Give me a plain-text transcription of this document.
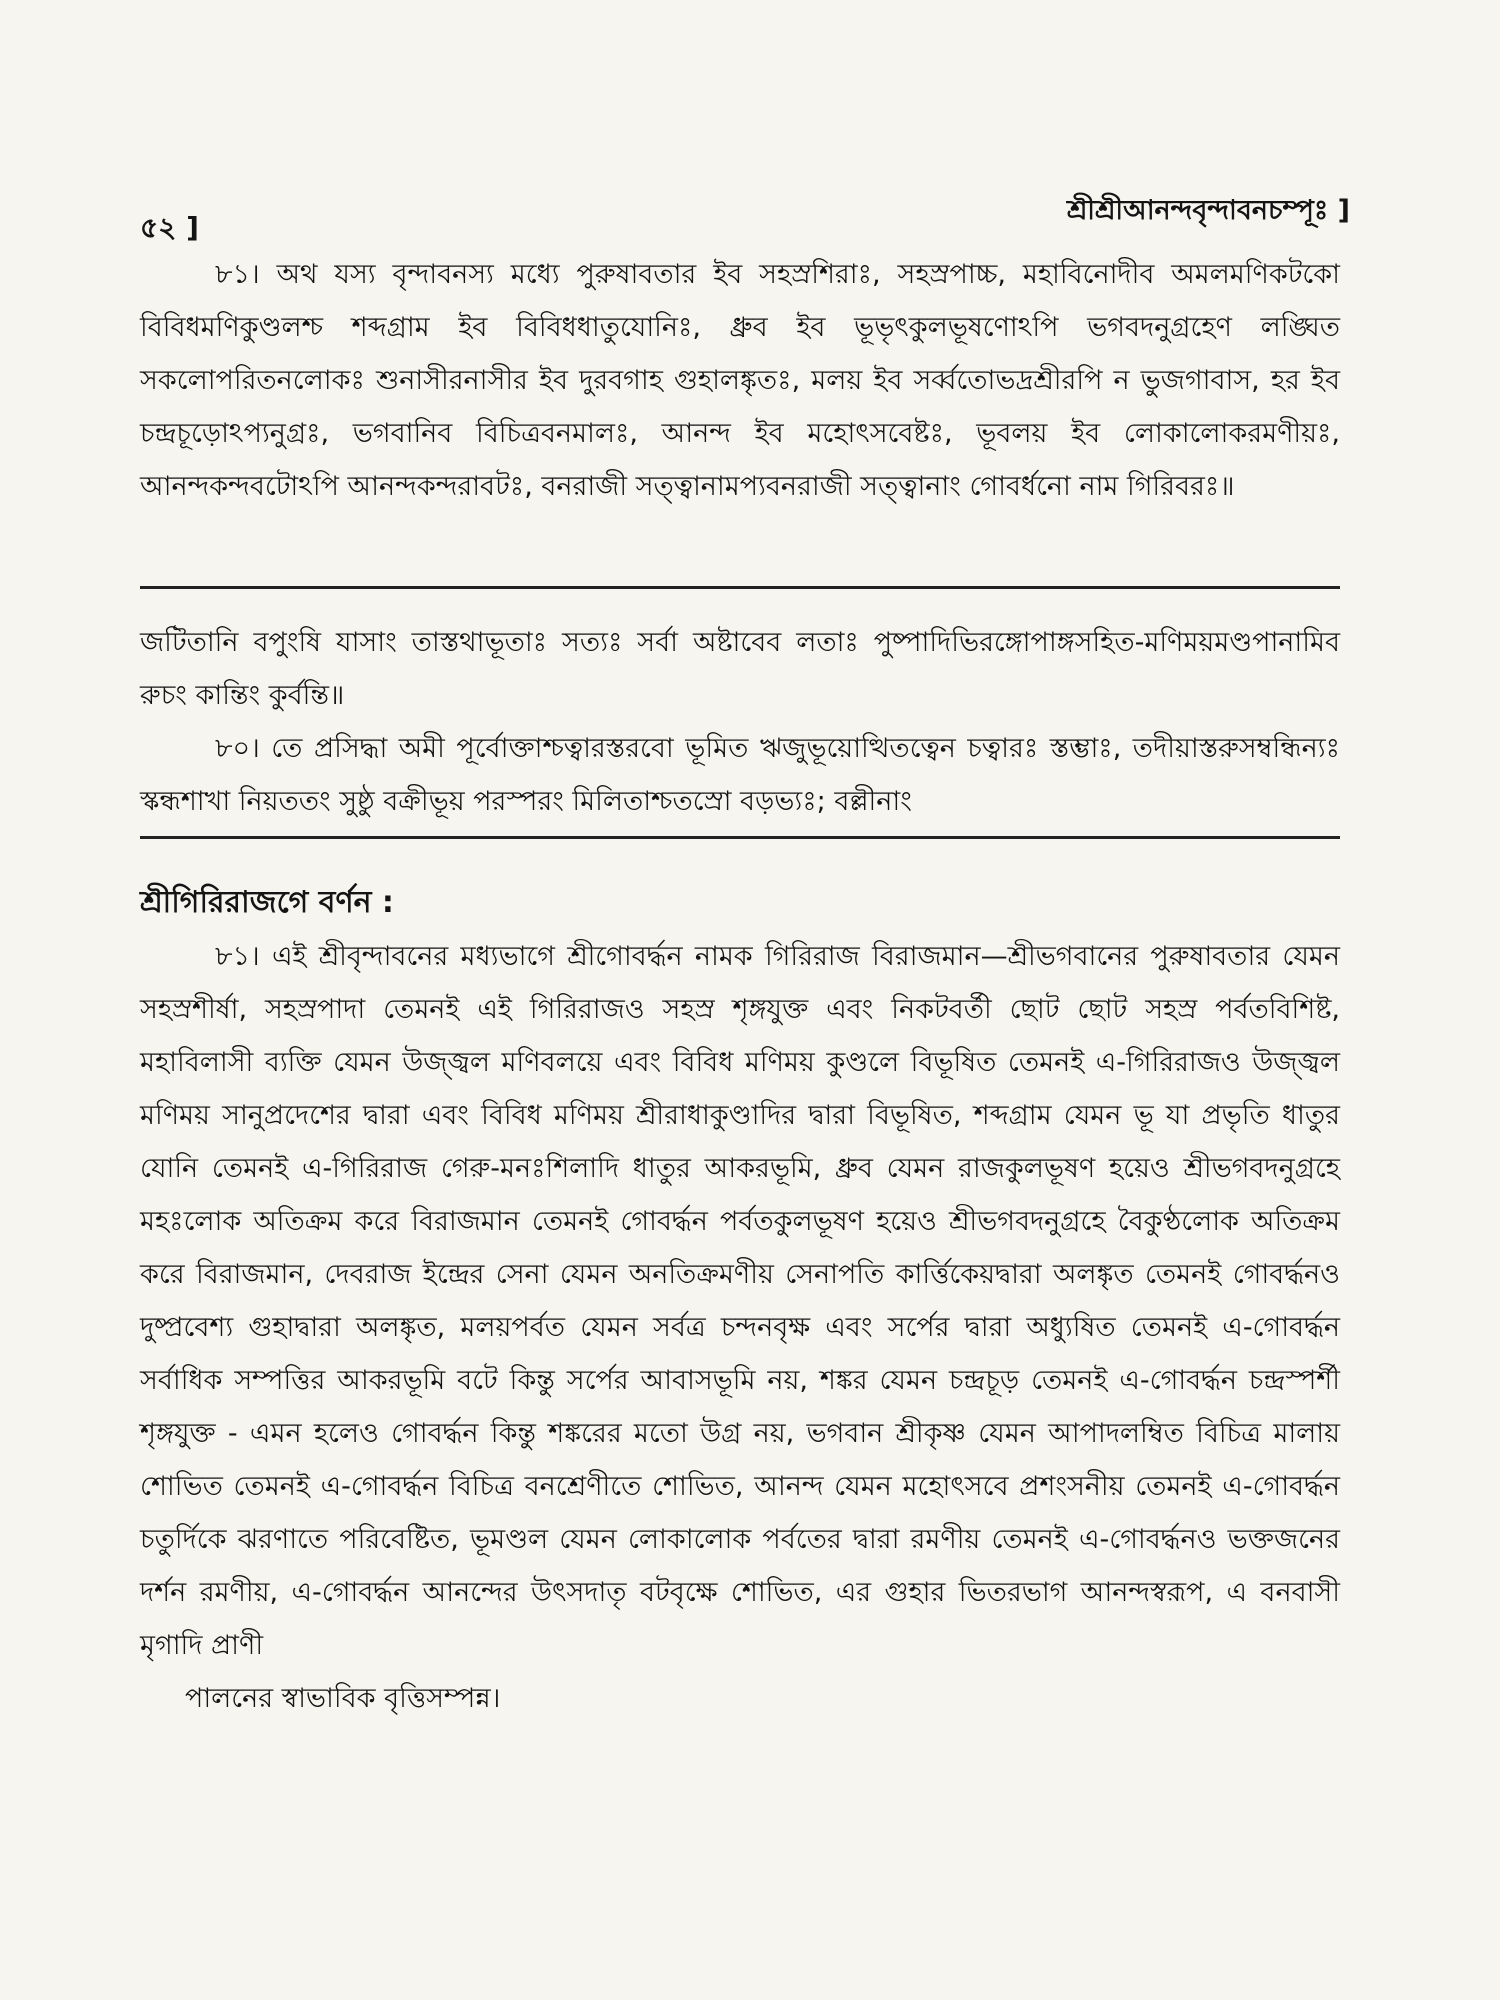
৫২ ]
শ্রীশ্রীআনন্দবৃন্দাবনচম্পূঃ ]

৮১। অথ যস্য বৃন্দাবনস্য মধ্যে পুরুষাবতার ইব সহস্রশিরাঃ, সহস্রপাচ্চ, মহাবিনোদীব অমলমণিকটকো বিবিধমণিকুণ্ডলশ্চ শব্দগ্রাম ইব বিবিধধাতুযোনিঃ, ধ্রুব ইব ভূভৃৎকুলভূষণোঽপি ভগবদনুগ্রহেণ লঙ্ঘিত সকলোপরিতনলোকঃ শুনাসীরনাসীর ইব দুরবগাহ গুহালঙ্কৃতঃ, মলয় ইব সর্ব্বতোভদ্রশ্রীরপি ন ভুজগাবাস, হর ইব চন্দ্রচূড়োঽপ্যনুগ্রঃ, ভগবানিব বিচিত্রবনমালঃ, আনন্দ ইব মহোৎসবেষ্টঃ, ভূবলয় ইব লোকালোকরমণীয়ঃ, আনন্দকন্দবটোঽপি আনন্দকন্দরাবটঃ, বনরাজী সত্ত্বানামপ্যবনরাজী সত্ত্বানাং গোবর্ধনো নাম গিরিবরঃ॥

জটিতানি বপুংষি যাসাং তাস্তথাভূতাঃ সত্যঃ সর্বা অষ্টাবেব লতাঃ পুষ্পাদিভিরঙ্গোপাঙ্গসহিত-মণিময়মণ্ডপানামিব রুচং কান্তিং কুর্বন্তি॥

৮০। তে প্রসিদ্ধা অমী পূর্বোক্তাশ্চত্বারস্তরবো ভূমিত ঋজুভূয়োত্থিতত্বেন চত্বারঃ স্তম্ভাঃ, তদীয়াস্তরুসম্বন্ধিন্যঃ স্কন্ধশাখা নিয়ততং সুষ্ঠু বক্রীভূয় পরস্পরং মিলিতাশ্চতস্রো বড়ভ্যঃ; বল্লীনাং

শ্রীগিরিরাজগে বর্ণন :

৮১। এই শ্রীবৃন্দাবনের মধ্যভাগে শ্রীগোবর্দ্ধন নামক গিরিরাজ বিরাজমান—শ্রীভগবানের পুরুষাবতার যেমন সহস্রশীর্ষা, সহস্রপাদা তেমনই এই গিরিরাজও সহস্র শৃঙ্গযুক্ত এবং নিকটবর্তী ছোট ছোট সহস্র পর্বতবিশিষ্ট, মহাবিলাসী ব্যক্তি যেমন উজ্জ্বল মণিবলয়ে এবং বিবিধ মণিময় কুণ্ডলে বিভূষিত তেমনই এ-গিরিরাজও উজ্জ্বল মণিময় সানুপ্রদেশের দ্বারা এবং বিবিধ মণিময় শ্রীরাধাকুণ্ডাদির দ্বারা বিভূষিত, শব্দগ্রাম যেমন ভূ যা প্রভৃতি ধাতুর যোনি তেমনই এ-গিরিরাজ গেরু-মনঃশিলাদি ধাতুর আকরভূমি, ধ্রুব যেমন রাজকুলভূষণ হয়েও শ্রীভগবদনুগ্রহে মহঃলোক অতিক্রম করে বিরাজমান তেমনই গোবর্দ্ধন পর্বতকুলভূষণ হয়েও শ্রীভগবদনুগ্রহে বৈকুণ্ঠলোক অতিক্রম করে বিরাজমান, দেবরাজ ইন্দ্রের সেনা যেমন অনতিক্রমণীয় সেনাপতি কার্ত্তিকেয়দ্বারা অলঙ্কৃত তেমনই গোবর্দ্ধনও দুষ্প্রবেশ্য গুহাদ্বারা অলঙ্কৃত, মলয়পর্বত যেমন সর্বত্র চন্দনবৃক্ষ এবং সর্পের দ্বারা অধ্যুষিত তেমনই এ-গোবর্দ্ধন সর্বাধিক সম্পত্তির আকরভূমি বটে কিন্তু সর্পের আবাসভূমি নয়, শঙ্কর যেমন চন্দ্রচূড় তেমনই এ-গোবর্দ্ধন চন্দ্রস্পর্শী শৃঙ্গযুক্ত - এমন হলেও গোবর্দ্ধন কিন্তু শঙ্করের মতো উগ্র নয়, ভগবান শ্রীকৃষ্ণ যেমন আপাদলম্বিত বিচিত্র মালায় শোভিত তেমনই এ-গোবর্দ্ধন বিচিত্র বনশ্রেণীতে শোভিত, আনন্দ যেমন মহোৎসবে প্রশংসনীয় তেমনই এ-গোবর্দ্ধন চতুর্দিকে ঝরণাতে পরিবেষ্টিত, ভূমণ্ডল যেমন লোকালোক পর্বতের দ্বারা রমণীয় তেমনই এ-গোবর্দ্ধনও ভক্তজনের দর্শন রমণীয়, এ-গোবর্দ্ধন আনন্দের উৎসদাতৃ বটবৃক্ষে শোভিত, এর গুহার ভিতরভাগ আনন্দস্বরূপ, এ বনবাসী মৃগাদি প্রাণী

পালনের স্বাভাবিক বৃত্তিসম্পন্ন।
